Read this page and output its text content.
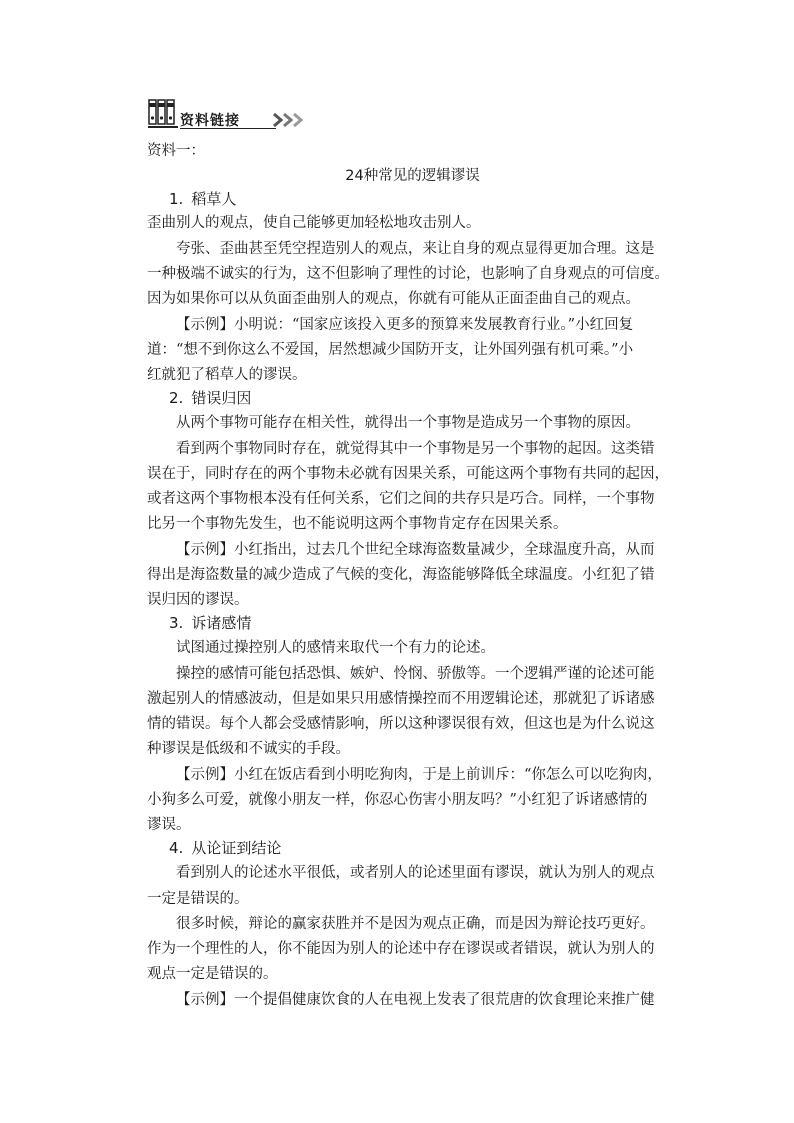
资料链接
资料一：
24种常见的逻辑谬误
1. 稻草人
歪曲别人的观点，使自己能够更加轻松地攻击别人。
夸张、歪曲甚至凭空捏造别人的观点，来让自身的观点显得更加合理。这是
一种极端不诚实的行为，这不但影响了理性的讨论，也影响了自身观点的可信度。
因为如果你可以从负面歪曲别人的观点，你就有可能从正面歪曲自己的观点。
【示例】小明说：“国家应该投入更多的预算来发展教育行业。”小红回复
道：“想不到你这么不爱国，居然想减少国防开支，让外国列强有机可乘。”小
红就犯了稻草人的谬误。
2. 错误归因
从两个事物可能存在相关性，就得出一个事物是造成另一个事物的原因。
看到两个事物同时存在，就觉得其中一个事物是另一个事物的起因。这类错
误在于，同时存在的两个事物未必就有因果关系，可能这两个事物有共同的起因，
或者这两个事物根本没有任何关系，它们之间的共存只是巧合。同样，一个事物
比另一个事物先发生，也不能说明这两个事物肯定存在因果关系。
【示例】小红指出，过去几个世纪全球海盗数量减少，全球温度升高，从而
得出是海盗数量的减少造成了气候的变化，海盗能够降低全球温度。小红犯了错
误归因的谬误。
3. 诉诸感情
试图通过操控别人的感情来取代一个有力的论述。
操控的感情可能包括恐惧、嫉妒、怜悯、骄傲等。一个逻辑严谨的论述可能
激起别人的情感波动，但是如果只用感情操控而不用逻辑论述，那就犯了诉诸感
情的错误。每个人都会受感情影响，所以这种谬误很有效，但这也是为什么说这
种谬误是低级和不诚实的手段。
【示例】小红在饭店看到小明吃狗肉，于是上前训斥：“你怎么可以吃狗肉，
小狗多么可爱，就像小朋友一样，你忍心伤害小朋友吗？”小红犯了诉诸感情的
谬误。
4. 从论证到结论
看到别人的论述水平很低，或者别人的论述里面有谬误，就认为别人的观点
一定是错误的。
很多时候，辩论的赢家获胜并不是因为观点正确，而是因为辩论技巧更好。
作为一个理性的人，你不能因为别人的论述中存在谬误或者错误，就认为别人的
观点一定是错误的。
【示例】一个提倡健康饮食的人在电视上发表了很荒唐的饮食理论来推广健
